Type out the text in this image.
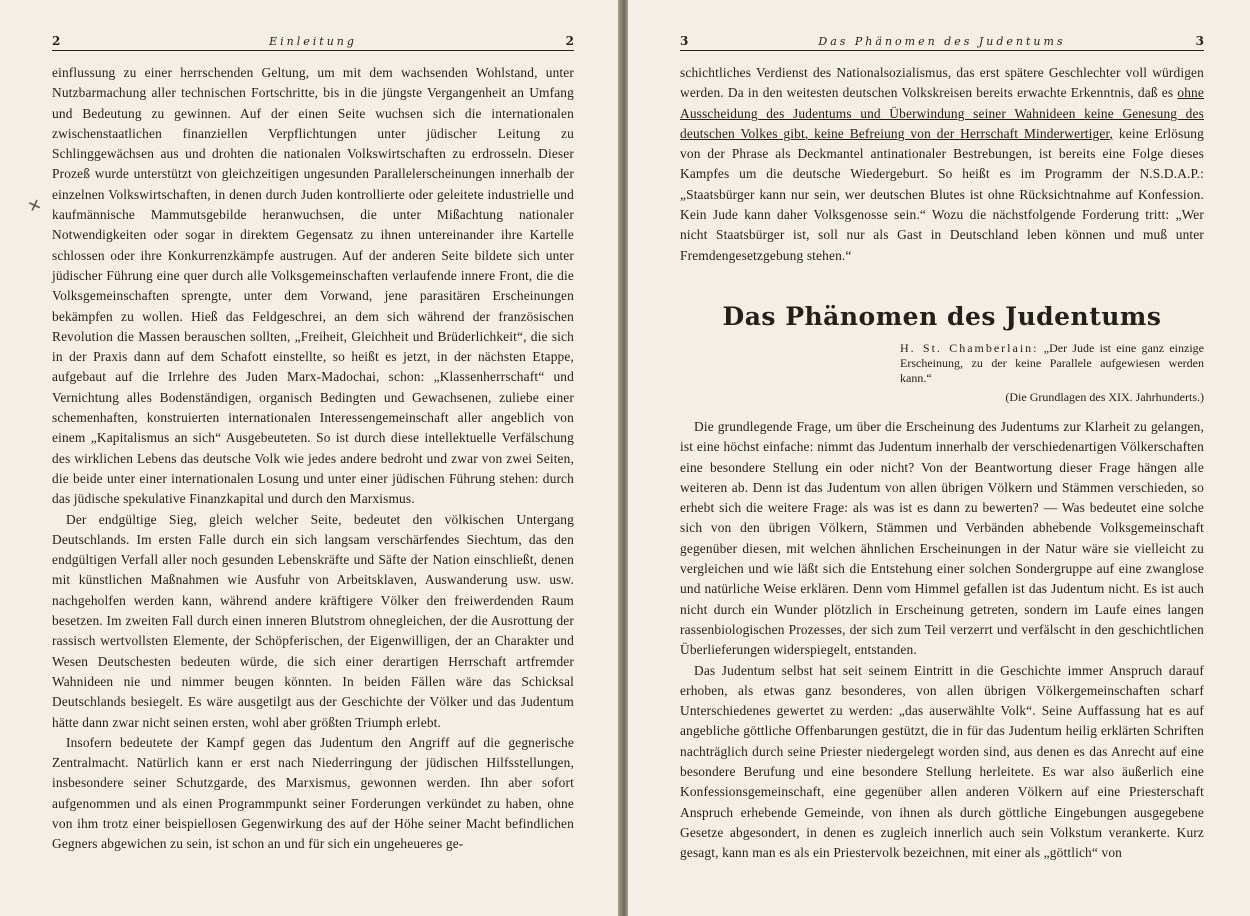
2	Einleitung	2

einflussung zu einer herrschenden Geltung, um mit dem wachsenden Wohlstand, unter Nutzbarmachung aller technischen Fortschritte, bis in die jüngste Vergangenheit an Umfang und Bedeutung zu gewinnen. Auf der einen Seite wuchsen sich die internationalen zwischenstaatlichen finanziellen Verpflichtungen unter jüdischer Leitung zu Schlinggewächsen aus und drohten die nationalen Volkswirtschaften zu erdrosseln. Dieser Prozeß wurde unterstützt von gleichzeitigen ungesunden Parallelerscheinungen innerhalb der einzelnen Volkswirtschaften, in denen durch Juden kontrollierte oder geleitete industrielle und kaufmännische Mammutsgebilde heranwuchsen, die unter Mißachtung nationaler Notwendigkeiten oder sogar in direktem Gegensatz zu ihnen untereinander ihre Kartelle schlossen oder ihre Konkurrenzkämpfe austrugen. Auf der anderen Seite bildete sich unter jüdischer Führung eine quer durch alle Volksgemeinschaften verlaufende innere Front, die die Volksgemeinschaften sprengte, unter dem Vorwand, jene parasitären Erscheinungen bekämpfen zu wollen. Hieß das Feldgeschrei, an dem sich während der französischen Revolution die Massen berauschen sollten, „Freiheit, Gleichheit und Brüderlichkeit“, die sich in der Praxis dann auf dem Schafott einstellte, so heißt es jetzt, in der nächsten Etappe, aufgebaut auf die Irrlehre des Juden Marx-Madochai, schon: „Klassenherrschaft“ und Vernichtung alles Bodenständigen, organisch Bedingten und Gewachsenen, zuliebe einer schemenhaften, konstruierten internationalen Interessengemeinschaft aller angeblich von einem „Kapitalismus an sich“ Ausgebeuteten. So ist durch diese intellektuelle Verfälschung des wirklichen Lebens das deutsche Volk wie jedes andere bedroht und zwar von zwei Seiten, die beide unter einer internationalen Losung und unter einer jüdischen Führung stehen: durch das jüdische spekulative Finanzkapital und durch den Marxismus.

Der endgültige Sieg, gleich welcher Seite, bedeutet den völkischen Untergang Deutschlands. Im ersten Falle durch ein sich langsam verschärfendes Siechtum, das den endgültigen Verfall aller noch gesunden Lebenskräfte und Säfte der Nation einschließt, denen mit künstlichen Maßnahmen wie Ausfuhr von Arbeitsklaven, Auswanderung usw. usw. nachgeholfen werden kann, während andere kräftigere Völker den freiwerdenden Raum besetzen. Im zweiten Fall durch einen inneren Blutstrom ohnegleichen, der die Ausrottung der rassisch wertvollsten Elemente, der Schöpferischen, der Eigenwilligen, der an Charakter und Wesen Deutschesten bedeuten würde, die sich einer derartigen Herrschaft artfremder Wahnideen nie und nimmer beugen könnten. In beiden Fällen wäre das Schicksal Deutschlands besiegelt. Es wäre ausgetilgt aus der Geschichte der Völker und das Judentum hätte dann zwar nicht seinen ersten, wohl aber größten Triumph erlebt.

Insofern bedeutete der Kampf gegen das Judentum den Angriff auf die gegnerische Zentralmacht. Natürlich kann er erst nach Niederringung der jüdischen Hilfsstellungen, insbesondere seiner Schutzgarde, des Marxismus, gewonnen werden. Ihn aber sofort aufgenommen und als einen Programmpunkt seiner Forderungen verkündet zu haben, ohne von ihm trotz einer beispiellosen Gegenwirkung des auf der Höhe seiner Macht befindlichen Gegners abgewichen zu sein, ist schon an und für sich ein ungeheueres ge-

✕
3	Das Phänomen des Judentums	3

schichtliches Verdienst des Nationalsozialismus, das erst spätere Geschlechter voll würdigen werden. Da in den weitesten deutschen Volkskreisen bereits erwachte Erkenntnis, daß es ohne Ausscheidung des Judentums und Überwindung seiner Wahnideen keine Genesung des deutschen Volkes gibt, keine Befreiung von der Herrschaft Minderwertiger, keine Erlösung von der Phrase als Deckmantel antinationaler Bestrebungen, ist bereits eine Folge dieses Kampfes um die deutsche Wiedergeburt. So heißt es im Programm der N.S.D.A.P.: „Staatsbürger kann nur sein, wer deutschen Blutes ist ohne Rücksichtnahme auf Konfession. Kein Jude kann daher Volksgenosse sein.“ Wozu die nächstfolgende Forderung tritt: „Wer nicht Staatsbürger ist, soll nur als Gast in Deutschland leben können und muß unter Fremdengesetzgebung stehen.“

Das Phänomen des Judentums
H. St. Chamberlain: „Der Jude ist eine ganz einzige Erscheinung, zu der keine Parallele aufgewiesen werden kann.“
(Die Grundlagen des XIX. Jahrhunderts.)

Die grundlegende Frage, um über die Erscheinung des Judentums zur Klarheit zu gelangen, ist eine höchst einfache: nimmt das Judentum innerhalb der verschiedenartigen Völkerschaften eine besondere Stellung ein oder nicht? Von der Beantwortung dieser Frage hängen alle weiteren ab. Denn ist das Judentum von allen übrigen Völkern und Stämmen verschieden, so erhebt sich die weitere Frage: als was ist es dann zu bewerten? — Was bedeutet eine solche sich von den übrigen Völkern, Stämmen und Verbänden abhebende Volksgemeinschaft gegenüber diesen, mit welchen ähnlichen Erscheinungen in der Natur wäre sie vielleicht zu vergleichen und wie läßt sich die Entstehung einer solchen Sondergruppe auf eine zwanglose und natürliche Weise erklären. Denn vom Himmel gefallen ist das Judentum nicht. Es ist auch nicht durch ein Wunder plötzlich in Erscheinung getreten, sondern im Laufe eines langen rassenbiologischen Prozesses, der sich zum Teil verzerrt und verfälscht in den geschichtlichen Überlieferungen widerspiegelt, entstanden.

Das Judentum selbst hat seit seinem Eintritt in die Geschichte immer Anspruch darauf erhoben, als etwas ganz besonderes, von allen übrigen Völkergemeinschaften scharf Unterschiedenes gewertet zu werden: „das auserwählte Volk“. Seine Auffassung hat es auf angebliche göttliche Offenbarungen gestützt, die in für das Judentum heilig erklärten Schriften nachträglich durch seine Priester niedergelegt worden sind, aus denen es das Anrecht auf eine besondere Berufung und eine besondere Stellung herleitete. Es war also äußerlich eine Konfessionsgemeinschaft, eine gegenüber allen anderen Völkern auf eine Priesterschaft Anspruch erhebende Gemeinde, von ihnen als durch göttliche Eingebungen ausgegebene Gesetze abgesondert, in denen es zugleich innerlich auch sein Volkstum verankerte. Kurz gesagt, kann man es als ein Priestervolk bezeichnen, mit einer als „göttlich“ von
